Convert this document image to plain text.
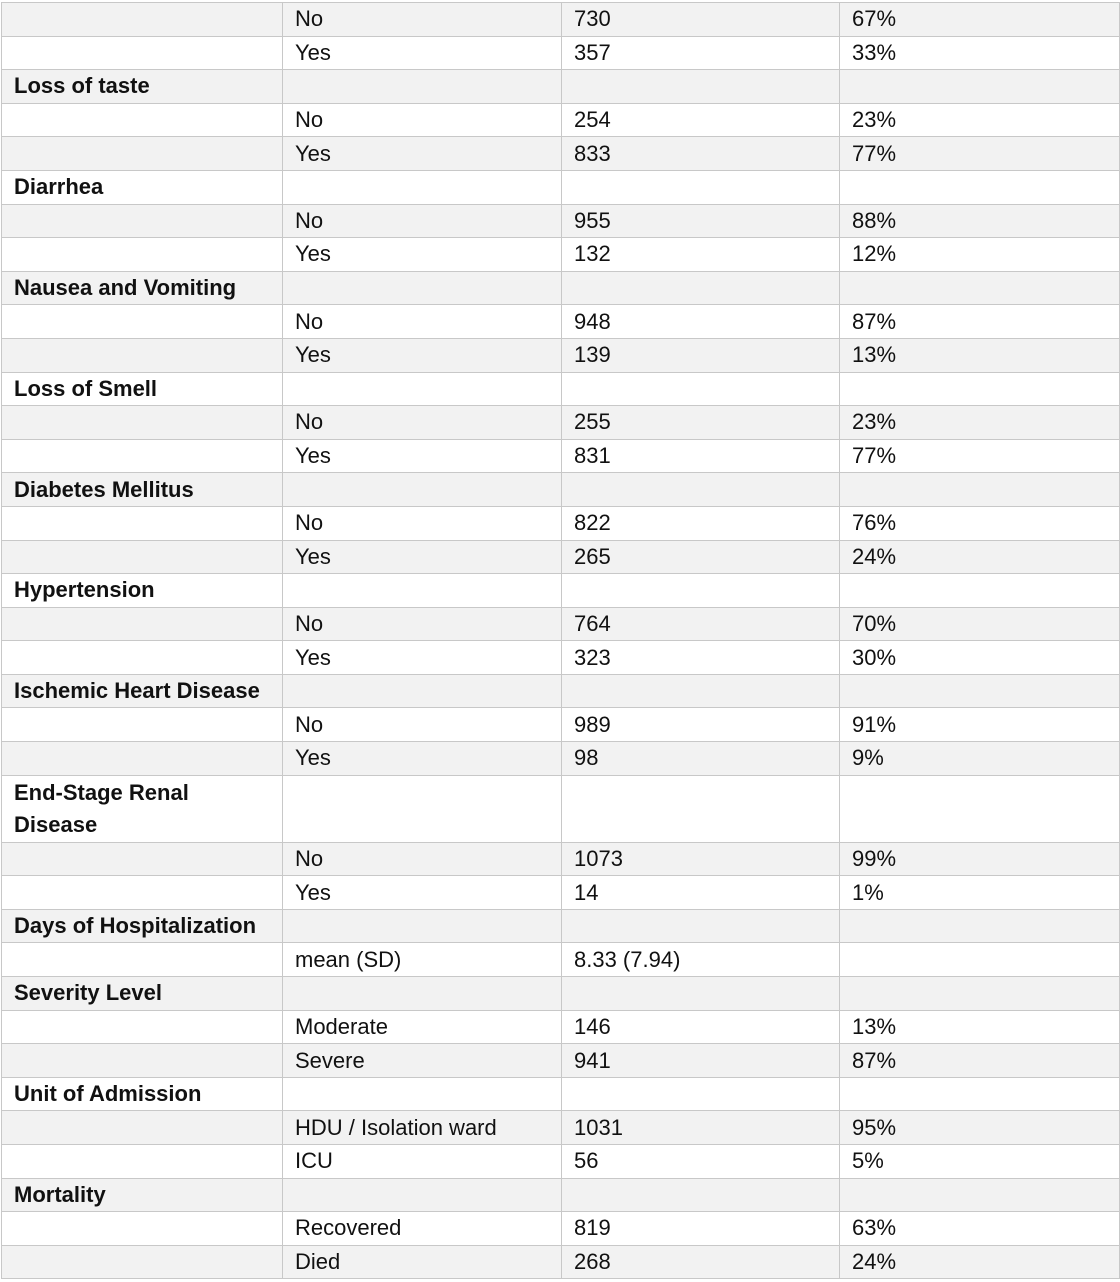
	No	730	67%
	Yes	357	33%
Loss of taste			
	No	254	23%
	Yes	833	77%
Diarrhea			
	No	955	88%
	Yes	132	12%
Nausea and Vomiting			
	No	948	87%
	Yes	139	13%
Loss of Smell			
	No	255	23%
	Yes	831	77%
Diabetes Mellitus			
	No	822	76%
	Yes	265	24%
Hypertension			
	No	764	70%
	Yes	323	30%
Ischemic Heart Disease			
	No	989	91%
	Yes	98	9%
End-Stage Renal Disease			
	No	1073	99%
	Yes	14	1%
Days of Hospitalization			
	mean (SD)	8.33 (7.94)	
Severity Level			
	Moderate	146	13%
	Severe	941	87%
Unit of Admission			
	HDU / Isolation ward	1031	95%
	ICU	56	5%
Mortality			
	Recovered	819	63%
	Died	268	24%
